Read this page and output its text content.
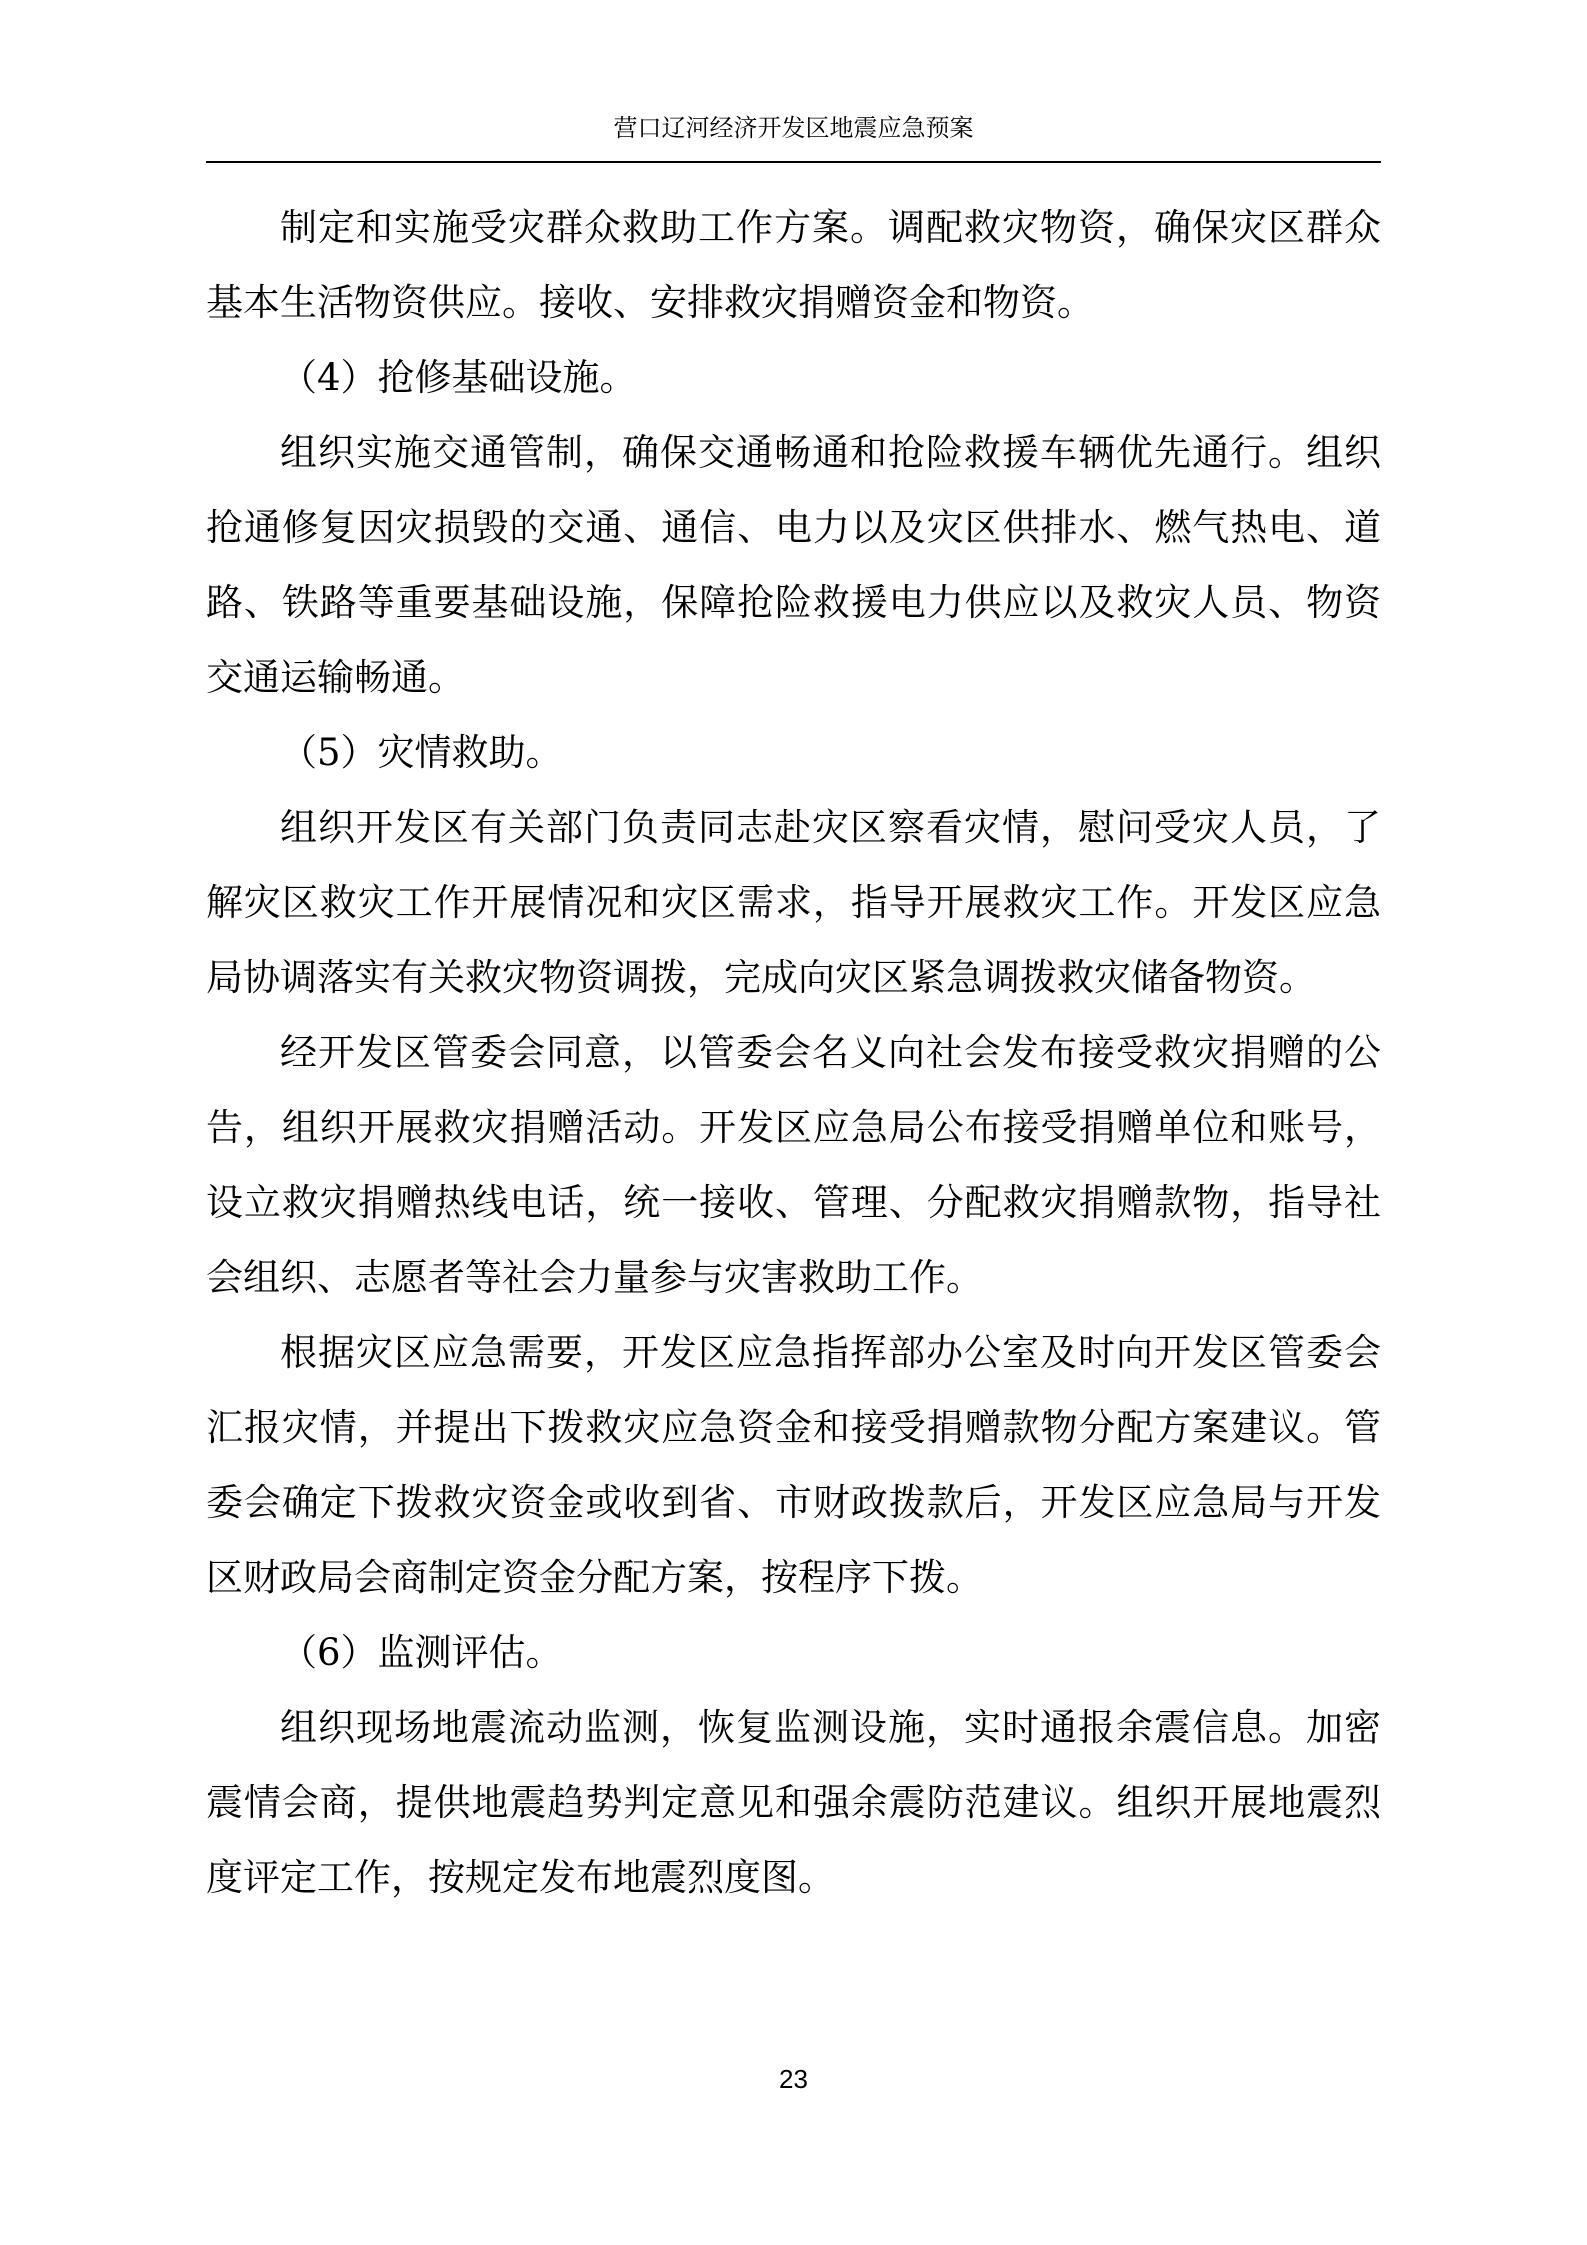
营口辽河经济开发区地震应急预案
制定和实施受灾群众救助工作方案。调配救灾物资，确保灾区群众
基本生活物资供应。接收、安排救灾捐赠资金和物资。
（4）抢修基础设施。
组织实施交通管制，确保交通畅通和抢险救援车辆优先通行。组织
抢通修复因灾损毁的交通、通信、电力以及灾区供排水、燃气热电、道
路、铁路等重要基础设施，保障抢险救援电力供应以及救灾人员、物资
交通运输畅通。
（5）灾情救助。
组织开发区有关部门负责同志赴灾区察看灾情，慰问受灾人员，了
解灾区救灾工作开展情况和灾区需求，指导开展救灾工作。开发区应急
局协调落实有关救灾物资调拨，完成向灾区紧急调拨救灾储备物资。
经开发区管委会同意，以管委会名义向社会发布接受救灾捐赠的公
告，组织开展救灾捐赠活动。开发区应急局公布接受捐赠单位和账号，
设立救灾捐赠热线电话，统一接收、管理、分配救灾捐赠款物，指导社
会组织、志愿者等社会力量参与灾害救助工作。
根据灾区应急需要，开发区应急指挥部办公室及时向开发区管委会
汇报灾情，并提出下拨救灾应急资金和接受捐赠款物分配方案建议。管
委会确定下拨救灾资金或收到省、市财政拨款后，开发区应急局与开发
区财政局会商制定资金分配方案，按程序下拨。
（6）监测评估。
组织现场地震流动监测，恢复监测设施，实时通报余震信息。加密
震情会商，提供地震趋势判定意见和强余震防范建议。组织开展地震烈
度评定工作，按规定发布地震烈度图。
23
